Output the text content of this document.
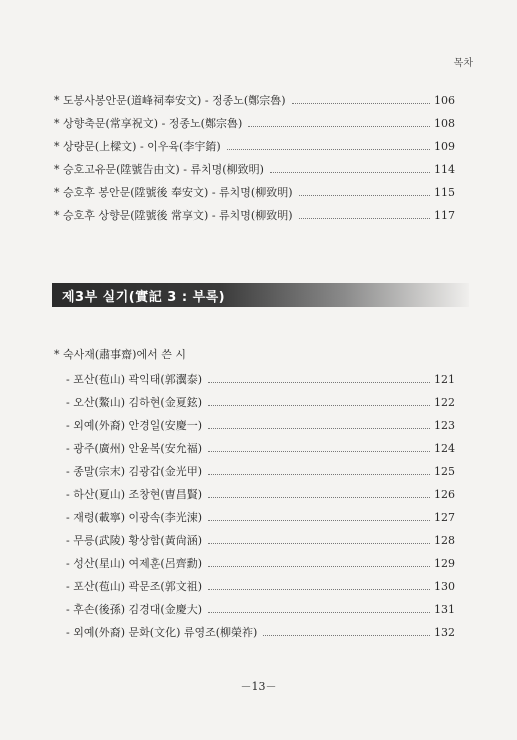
목차
* 도봉사봉안문(道峰祠奉安文) - 정종노(鄭宗魯)	106
* 상향축문(常享祝文) - 정종노(鄭宗魯)	108
* 상량문(上樑文) - 이우육(李宇錥)	109
* 승호고유문(陞號告由文) - 류치명(柳致明)	114
* 승호후 봉안문(陞號後 奉安文) - 류치명(柳致明)	115
* 승호후 상향문(陞號後 常享文) - 류치명(柳致明)	117
제3부 실기(實記 3 : 부록)
* 숙사재(肅事齋)에서 쓴 시
- 포산(苞山) 곽익태(郭瀷泰)	121
- 오산(鰲山) 김하현(金夏鉉)	122
- 외예(外裔) 안경일(安慶一)	123
- 광주(廣州) 안윤복(安允福)	124
- 종말(宗末) 김광갑(金光甲)	125
- 하산(夏山) 조창현(曺昌賢)	126
- 재령(載寧) 이광속(李光涑)	127
- 무릉(武陵) 황상함(黃尙涵)	128
- 성산(星山) 여제훈(呂齊勳)	129
- 포산(苞山) 곽문조(郭文祖)	130
- 후손(後孫) 김경대(金慶大)	131
- 외예(外裔) 문화(文化) 류영조(柳榮祚)	132
－13－
